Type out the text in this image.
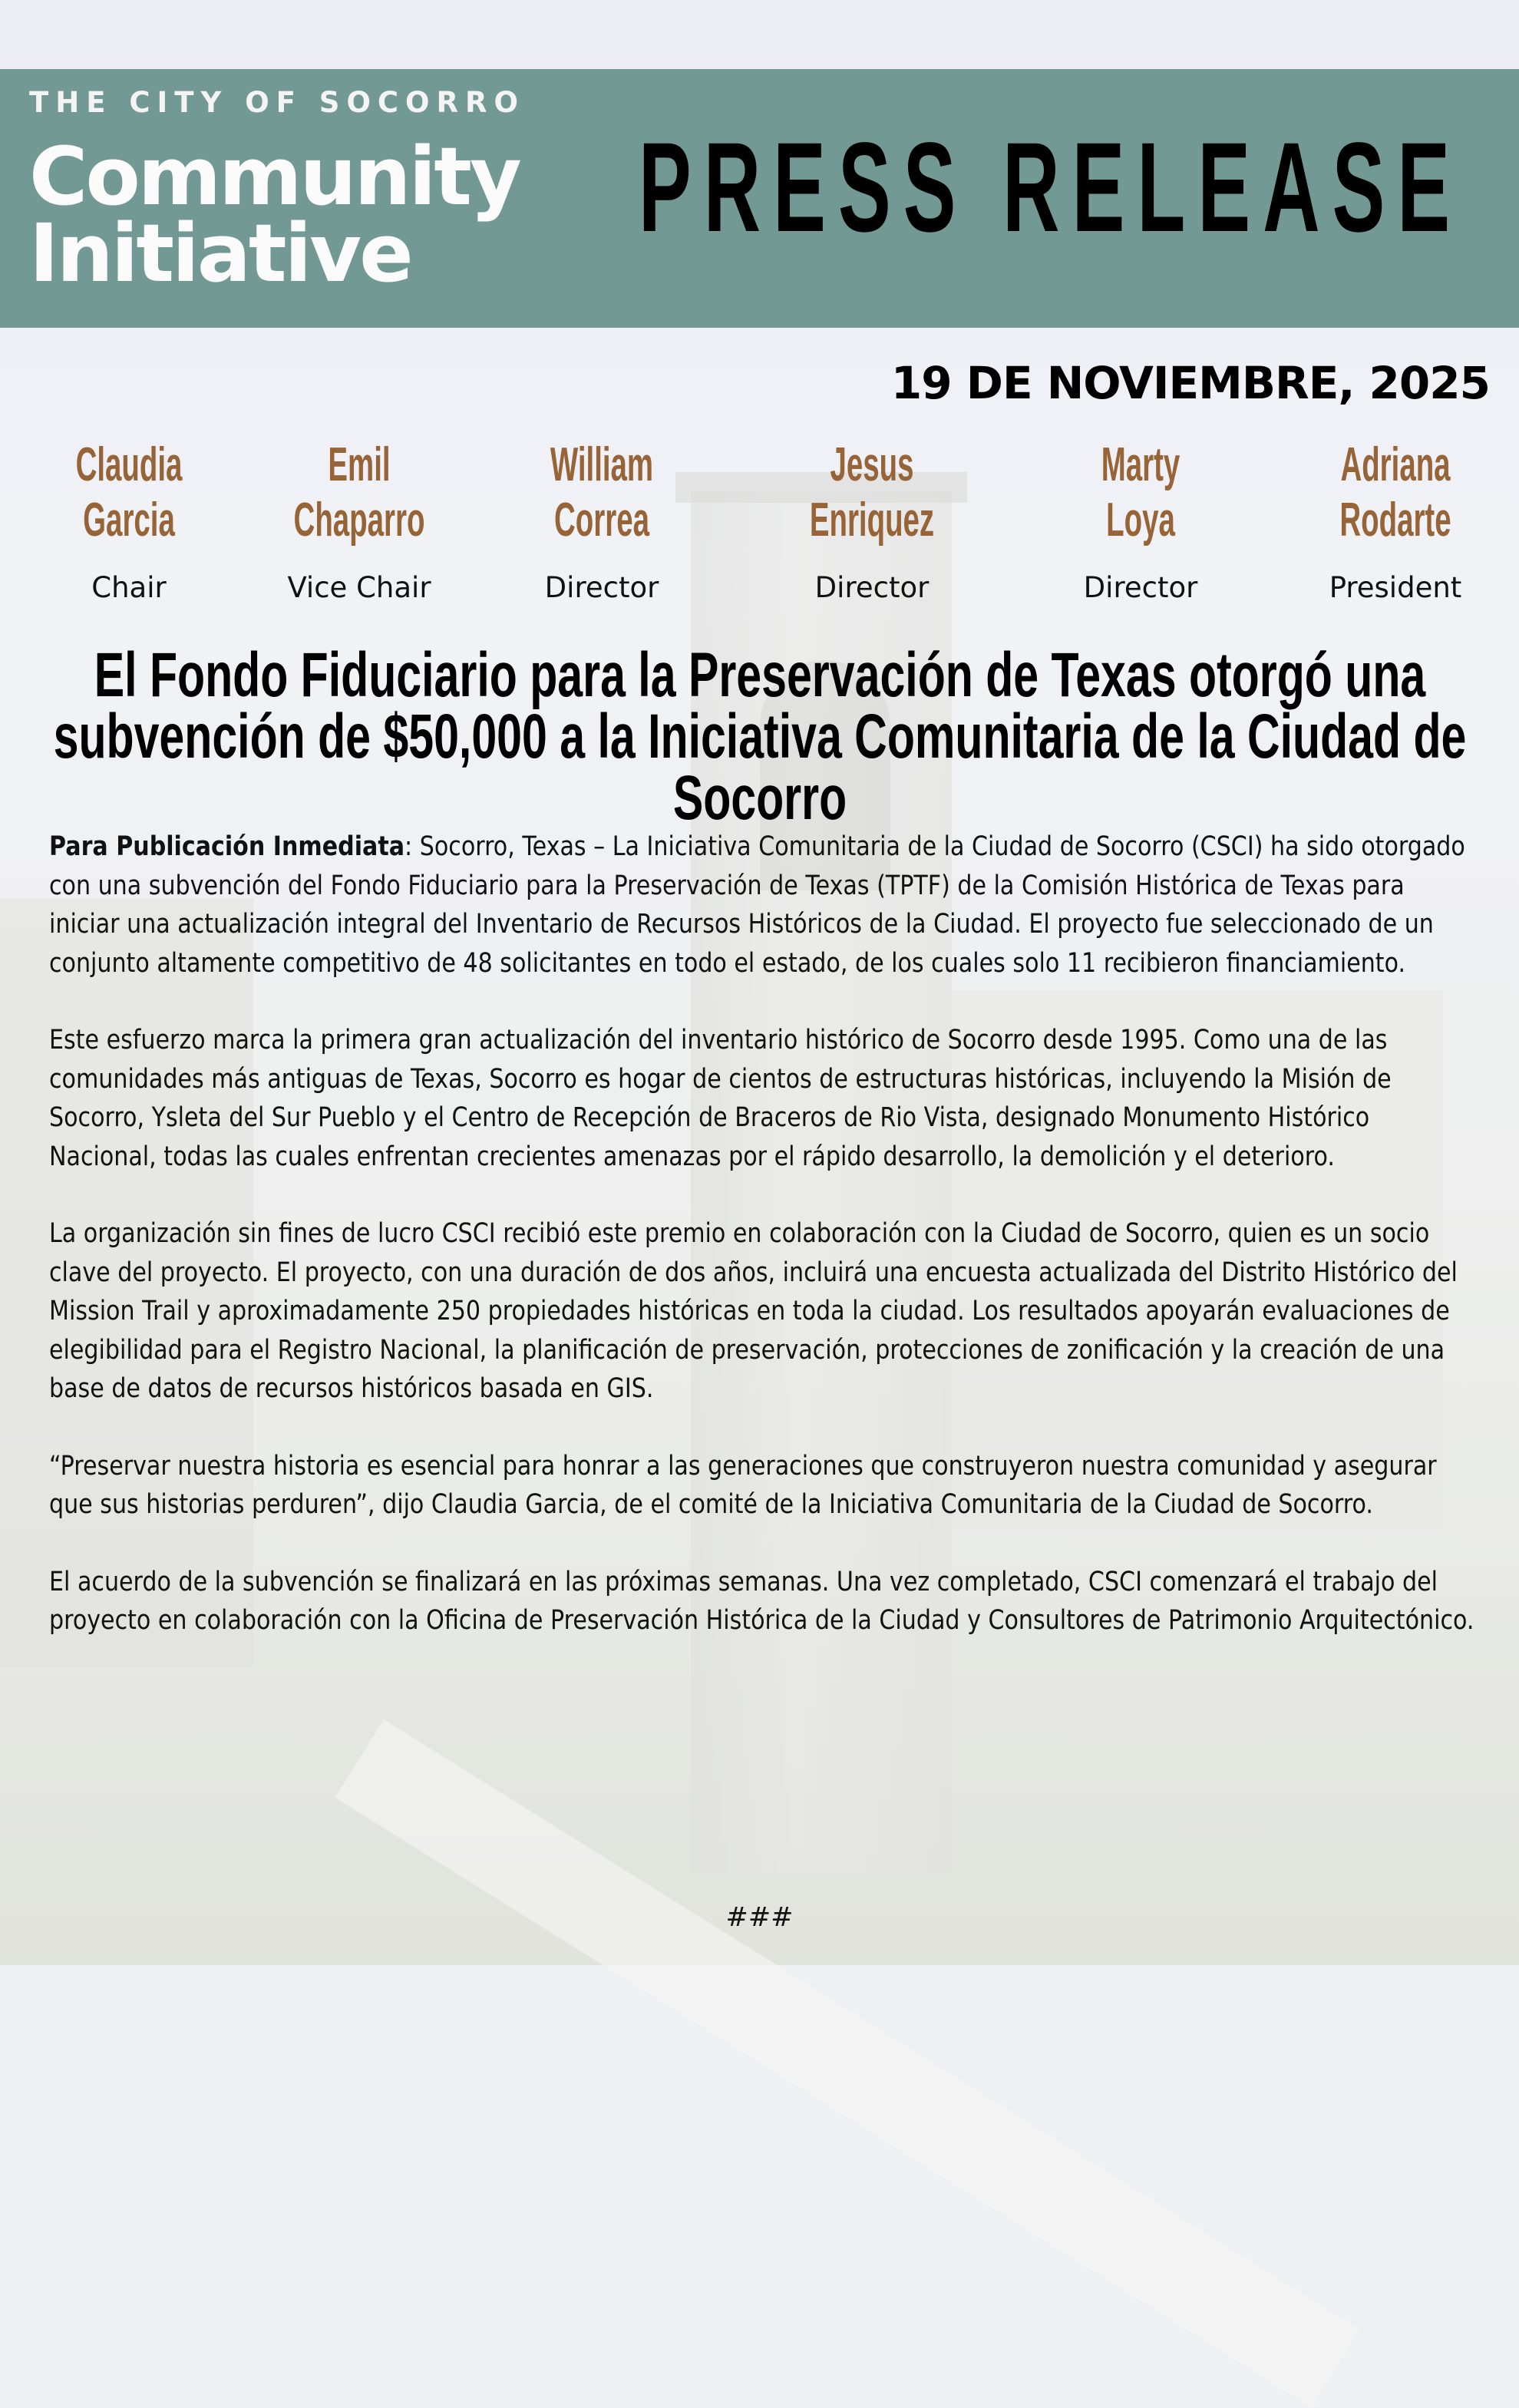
THE CITY OF SOCORRO
Community
Initiative	PRESS RELEASE
19 DE NOVIEMBRE, 2025
Claudia
Garcia
Chair
Emil
Chaparro
Vice Chair
William
Correa
Director
Jesus
Enriquez
Director
Marty
Loya
Director
Adriana
Rodarte
President
El Fondo Fiduciario para la Preservación de Texas otorgó una subvención de $50,000 a la Iniciativa Comunitaria de la Ciudad de Socorro

Para Publicación Inmediata: Socorro, Texas – La Iniciativa Comunitaria de la Ciudad de Socorro (CSCI) ha sido otorgado con una subvención del Fondo Fiduciario para la Preservación de Texas (TPTF) de la Comisión Histórica de Texas para iniciar una actualización integral del Inventario de Recursos Históricos de la Ciudad. El proyecto fue seleccionado de un conjunto altamente competitivo de 48 solicitantes en todo el estado, de los cuales solo 11 recibieron financiamiento.

Este esfuerzo marca la primera gran actualización del inventario histórico de Socorro desde 1995. Como una de las comunidades más antiguas de Texas, Socorro es hogar de cientos de estructuras históricas, incluyendo la Misión de Socorro, Ysleta del Sur Pueblo y el Centro de Recepción de Braceros de Rio Vista, designado Monumento Histórico Nacional, todas las cuales enfrentan crecientes amenazas por el rápido desarrollo, la demolición y el deterioro.

La organización sin fines de lucro CSCI recibió este premio en colaboración con la Ciudad de Socorro, quien es un socio clave del proyecto. El proyecto, con una duración de dos años, incluirá una encuesta actualizada del Distrito Histórico del Mission Trail y aproximadamente 250 propiedades históricas en toda la ciudad. Los resultados apoyarán evaluaciones de elegibilidad para el Registro Nacional, la planificación de preservación, protecciones de zonificación y la creación de una base de datos de recursos históricos basada en GIS.

“Preservar nuestra historia es esencial para honrar a las generaciones que construyeron nuestra comunidad y asegurar que sus historias perduren”, dijo Claudia Garcia, de el comité de la Iniciativa Comunitaria de la Ciudad de Socorro.

El acuerdo de la subvención se finalizará en las próximas semanas. Una vez completado, CSCI comenzará el trabajo del proyecto en colaboración con la Oficina de Preservación Histórica de la Ciudad y Consultores de Patrimonio Arquitectónico.

###
